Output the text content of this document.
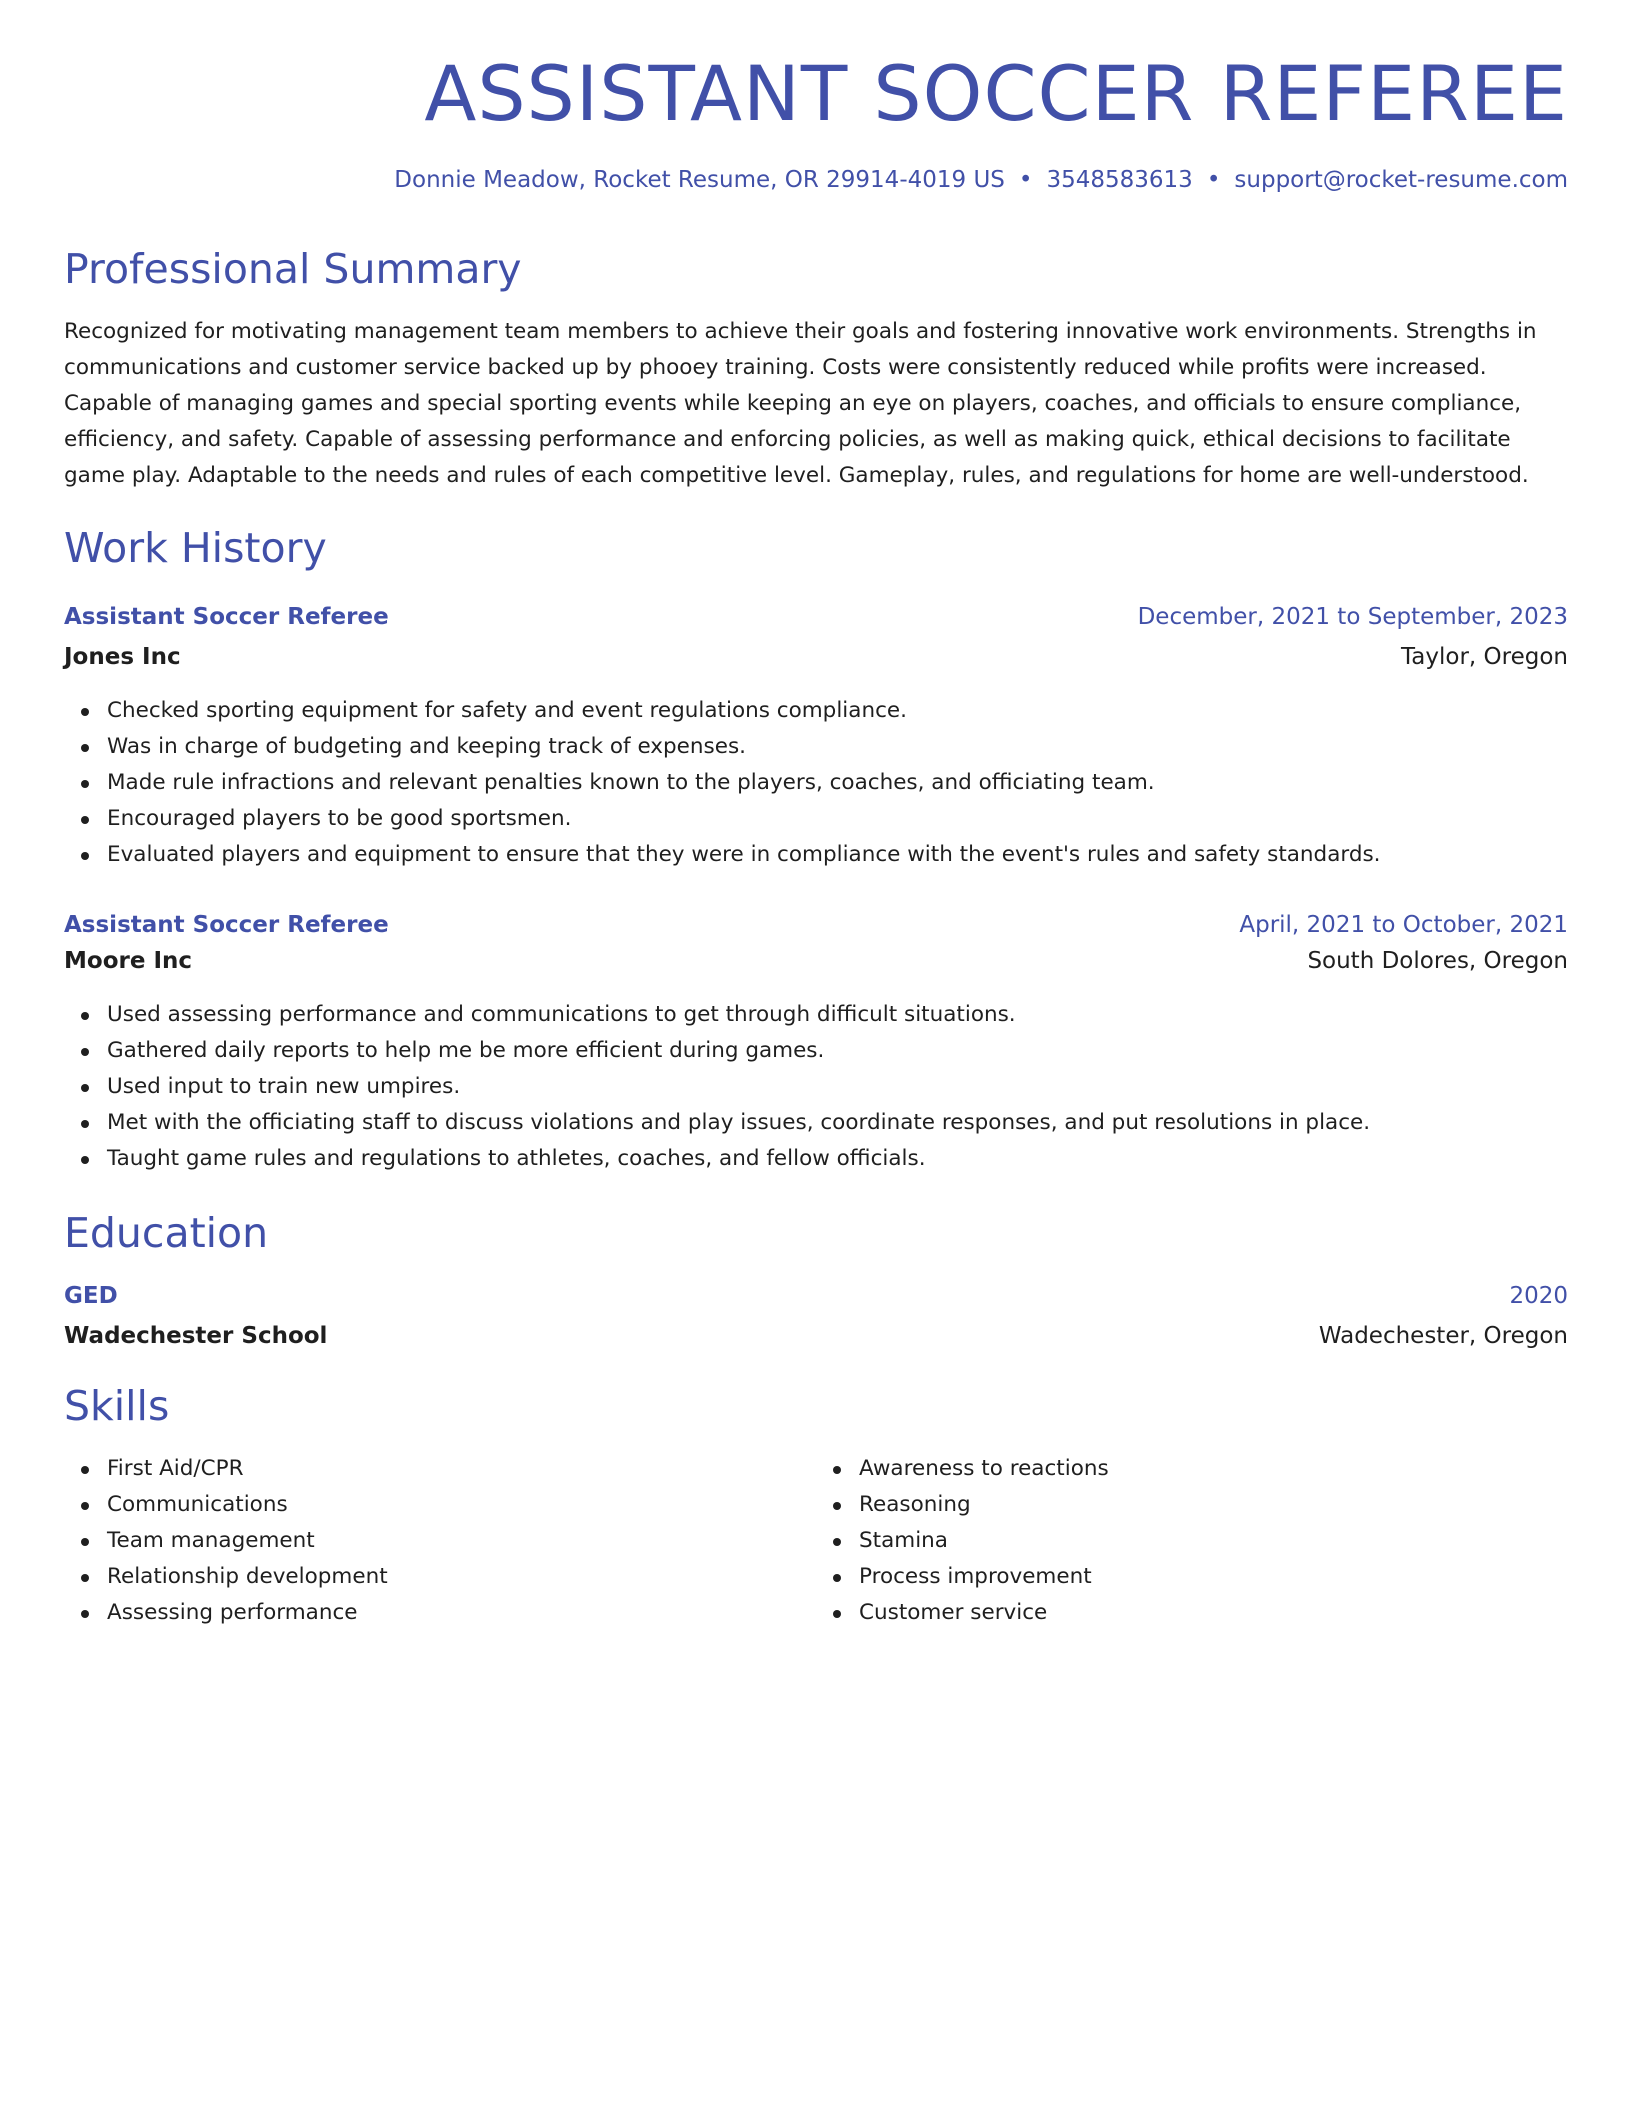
ASSISTANT SOCCER REFEREE
Donnie Meadow, Rocket Resume, OR 29914-4019 US • 3548583613 • support@rocket-resume.com
Professional Summary

Recognized for motivating management team members to achieve their goals and fostering innovative work environments. Strengths in communications and customer service backed up by phooey training. Costs were consistently reduced while profits were increased. Capable of managing games and special sporting events while keeping an eye on players, coaches, and officials to ensure compliance, efficiency, and safety. Capable of assessing performance and enforcing policies, as well as making quick, ethical decisions to facilitate game play. Adaptable to the needs and rules of each competitive level. Gameplay, rules, and regulations for home are well-understood.

Work History
Assistant Soccer Referee	December, 2021 to September, 2023
Jones Inc	Taylor, Oregon
Checked sporting equipment for safety and event regulations compliance.
Was in charge of budgeting and keeping track of expenses.
Made rule infractions and relevant penalties known to the players, coaches, and officiating team.
Encouraged players to be good sportsmen.
Evaluated players and equipment to ensure that they were in compliance with the event's rules and safety standards.
Assistant Soccer Referee	April, 2021 to October, 2021
Moore Inc	South Dolores, Oregon
Used assessing performance and communications to get through difficult situations.
Gathered daily reports to help me be more efficient during games.
Used input to train new umpires.
Met with the officiating staff to discuss violations and play issues, coordinate responses, and put resolutions in place.
Taught game rules and regulations to athletes, coaches, and fellow officials.
Education
GED	2020
Wadechester School	Wadechester, Oregon
Skills
First Aid/CPR
Communications
Team management
Relationship development
Assessing performance
Awareness to reactions
Reasoning
Stamina
Process improvement
Customer service
